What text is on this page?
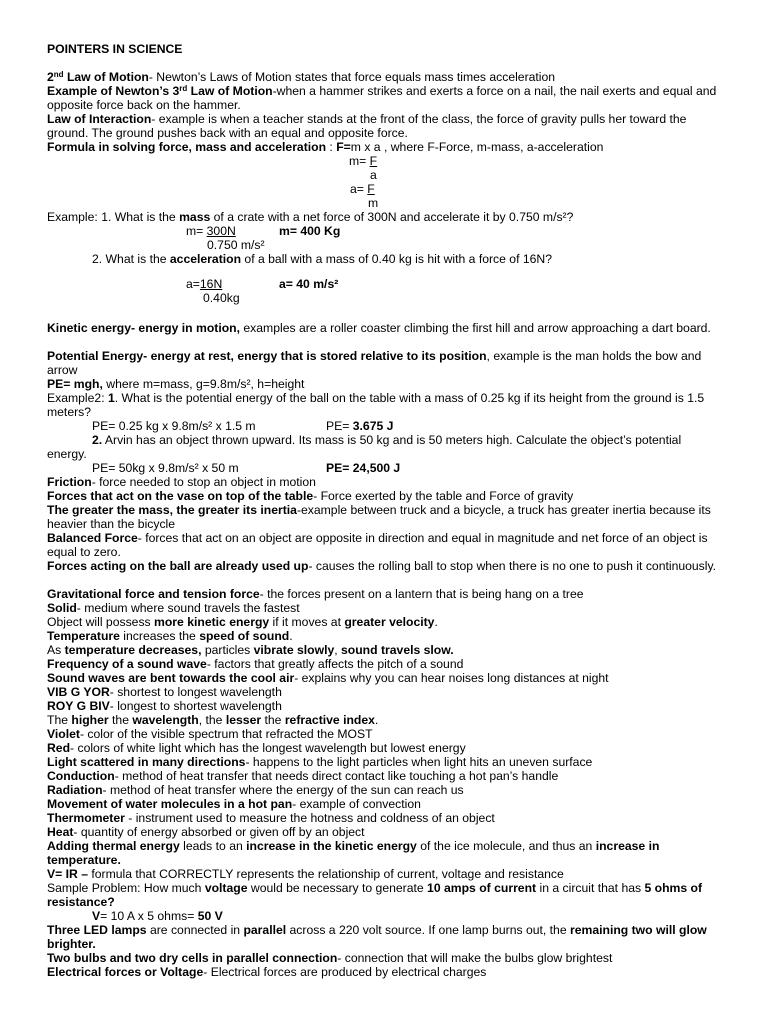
POINTERS IN SCIENCE
2nd Law of Motion- Newton’s Laws of Motion states that force equals mass times acceleration
Example of Newton’s 3rd Law of Motion-when a hammer strikes and exerts a force on a nail, the nail exerts and equal and opposite force back on the hammer.
Law of Interaction- example is when a teacher stands at the front of the class, the force of gravity pulls her toward the ground. The ground pushes back with an equal and opposite force.
Formula in solving force, mass and acceleration : F=m x a , where F-Force, m-mass, a-acceleration
m= F
a
a= F
m
Example: 1. What is the mass of a crate with a net force of 300N and accelerate it by 0.750 m/s²?
m= 300N	m= 400 Kg
0.750 m/s²
2. What is the acceleration of a ball with a mass of 0.40 kg is hit with a force of 16N?
a=16N	a= 40 m/s²
0.40kg
Kinetic energy- energy in motion, examples are a roller coaster climbing the first hill and arrow approaching a dart board.
Potential Energy- energy at rest, energy that is stored relative to its position, example is the man holds the bow and arrow
PE= mgh, where m=mass, g=9.8m/s², h=height
Example2: 1. What is the potential energy of the ball on the table with a mass of 0.25 kg if its height from the ground is 1.5 meters?
PE= 0.25 kg x 9.8m/s² x 1.5 m	PE= 3.675 J
2. Arvin has an object thrown upward. Its mass is 50 kg and is 50 meters high. Calculate the object’s potential energy.
PE= 50kg x 9.8m/s² x 50 m	PE= 24,500 J
Friction- force needed to stop an object in motion
Forces that act on the vase on top of the table- Force exerted by the table and Force of gravity
The greater the mass, the greater its inertia-example between truck and a bicycle, a truck has greater inertia because its heavier than the bicycle
Balanced Force- forces that act on an object are opposite in direction and equal in magnitude and net force of an object is equal to zero.
Forces acting on the ball are already used up- causes the rolling ball to stop when there is no one to push it continuously.
Gravitational force and tension force- the forces present on a lantern that is being hang on a tree
Solid- medium where sound travels the fastest
Object will possess more kinetic energy if it moves at greater velocity.
Temperature increases the speed of sound.
As temperature decreases, particles vibrate slowly, sound travels slow.
Frequency of a sound wave- factors that greatly affects the pitch of a sound
Sound waves are bent towards the cool air- explains why you can hear noises long distances at night
VIB G YOR- shortest to longest wavelength
ROY G BIV- longest to shortest wavelength
The higher the wavelength, the lesser the refractive index.
Violet- color of the visible spectrum that refracted the MOST
Red- colors of white light which has the longest wavelength but lowest energy
Light scattered in many directions- happens to the light particles when light hits an uneven surface
Conduction- method of heat transfer that needs direct contact like touching a hot pan’s handle
Radiation- method of heat transfer where the energy of the sun can reach us
Movement of water molecules in a hot pan- example of convection
Thermometer - instrument used to measure the hotness and coldness of an object
Heat- quantity of energy absorbed or given off by an object
Adding thermal energy leads to an increase in the kinetic energy of the ice molecule, and thus an increase in temperature.
V= IR – formula that CORRECTLY represents the relationship of current, voltage and resistance
Sample Problem: How much voltage would be necessary to generate 10 amps of current in a circuit that has 5 ohms of resistance?
V= 10 A x 5 ohms= 50 V
Three LED lamps are connected in parallel across a 220 volt source. If one lamp burns out, the remaining two will glow brighter.
Two bulbs and two dry cells in parallel connection- connection that will make the bulbs glow brightest
Electrical forces or Voltage- Electrical forces are produced by electrical charges
